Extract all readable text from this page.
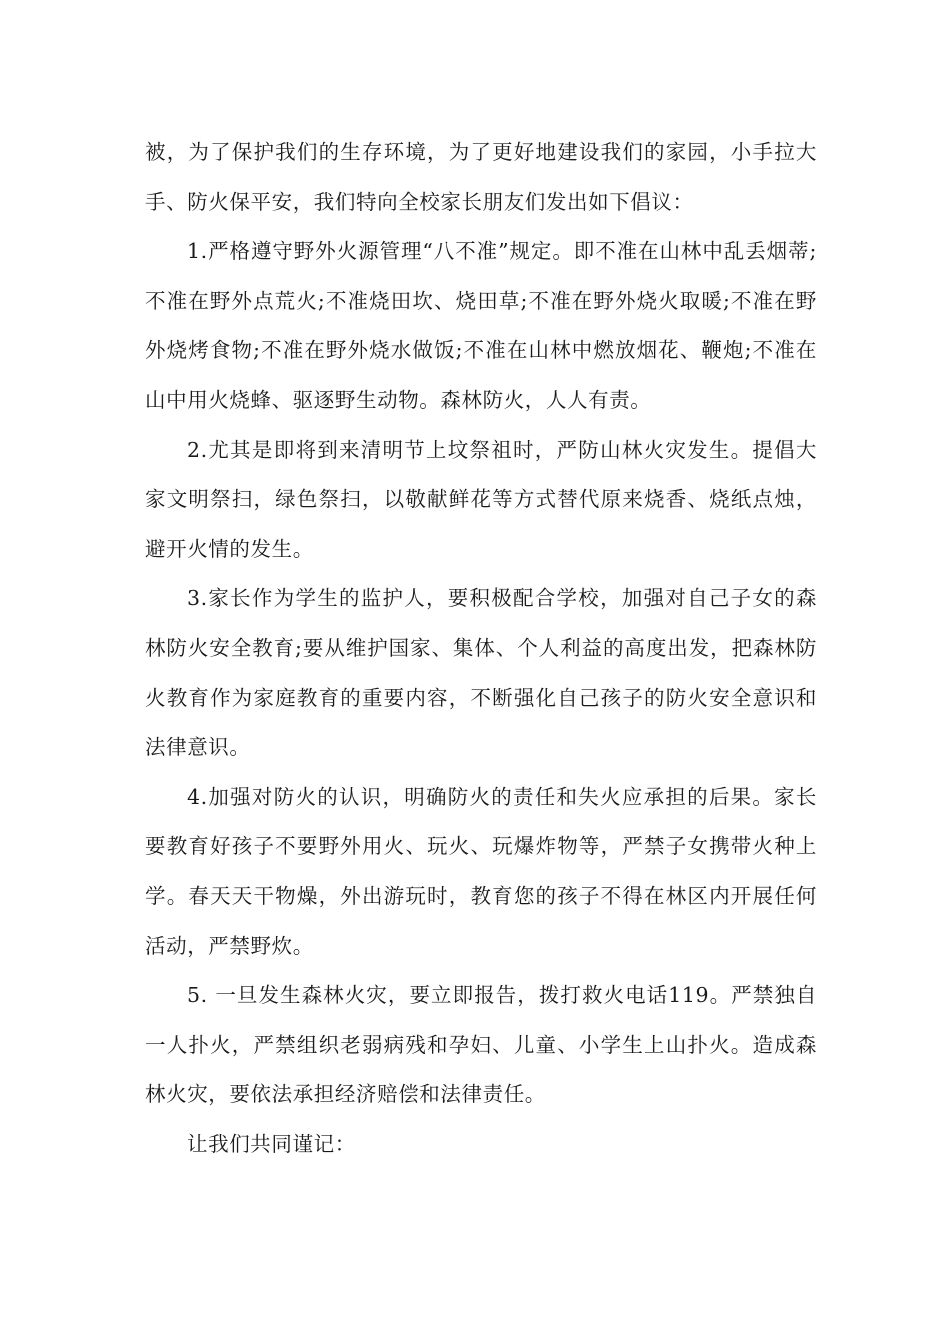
被，为了保护我们的生存环境，为了更好地建设我们的家园，小手拉大手、防火保平安，我们特向全校家长朋友们发出如下倡议：

1.严格遵守野外火源管理“八不准”规定。即不准在山林中乱丢烟蒂;不准在野外点荒火;不准烧田坎、烧田草;不准在野外烧火取暖;不准在野外烧烤食物;不准在野外烧水做饭;不准在山林中燃放烟花、鞭炮;不准在山中用火烧蜂、驱逐野生动物。森林防火，人人有责。

2.尤其是即将到来清明节上坟祭祖时，严防山林火灾发生。提倡大家文明祭扫，绿色祭扫，以敬献鲜花等方式替代原来烧香、烧纸点烛，避开火情的发生。

3.家长作为学生的监护人，要积极配合学校，加强对自己子女的森林防火安全教育;要从维护国家、集体、个人利益的高度出发，把森林防火教育作为家庭教育的重要内容，不断强化自己孩子的防火安全意识和法律意识。

4.加强对防火的认识，明确防火的责任和失火应承担的后果。家长要教育好孩子不要野外用火、玩火、玩爆炸物等，严禁子女携带火种上学。春天天干物燥，外出游玩时，教育您的孩子不得在林区内开展任何活动，严禁野炊。

5. 一旦发生森林火灾，要立即报告，拨打救火电话119。严禁独自一人扑火，严禁组织老弱病残和孕妇、儿童、小学生上山扑火。造成森林火灾，要依法承担经济赔偿和法律责任。

让我们共同谨记：
